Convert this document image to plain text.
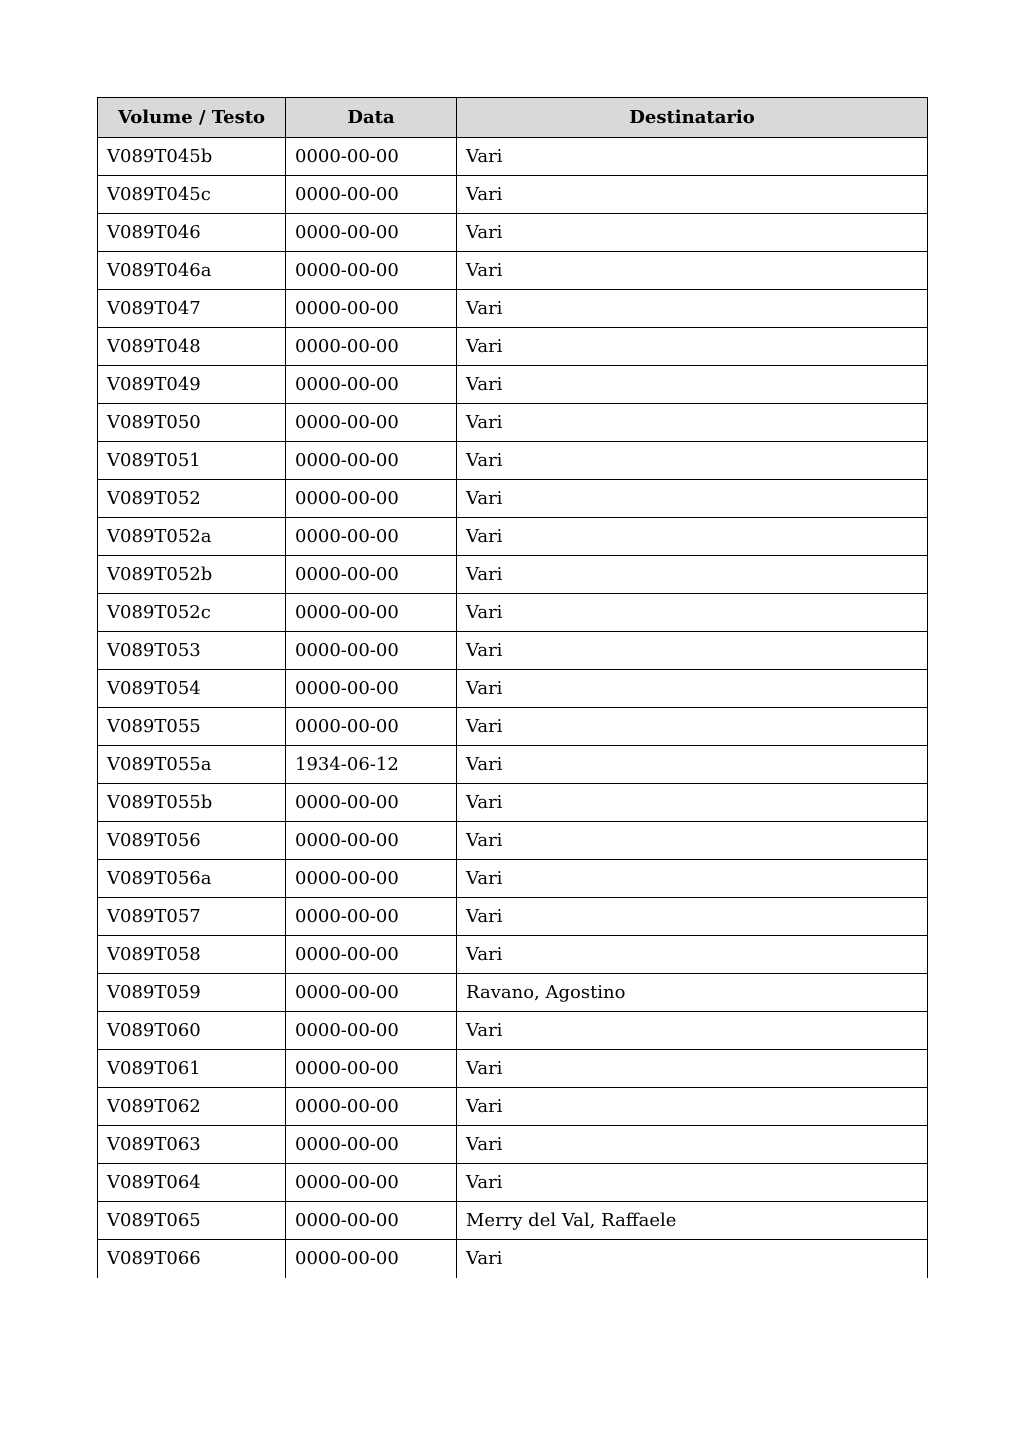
Volume / Testo	Data	Destinatario
V089T045b	0000-00-00	Vari
V089T045c	0000-00-00	Vari
V089T046	0000-00-00	Vari
V089T046a	0000-00-00	Vari
V089T047	0000-00-00	Vari
V089T048	0000-00-00	Vari
V089T049	0000-00-00	Vari
V089T050	0000-00-00	Vari
V089T051	0000-00-00	Vari
V089T052	0000-00-00	Vari
V089T052a	0000-00-00	Vari
V089T052b	0000-00-00	Vari
V089T052c	0000-00-00	Vari
V089T053	0000-00-00	Vari
V089T054	0000-00-00	Vari
V089T055	0000-00-00	Vari
V089T055a	1934-06-12	Vari
V089T055b	0000-00-00	Vari
V089T056	0000-00-00	Vari
V089T056a	0000-00-00	Vari
V089T057	0000-00-00	Vari
V089T058	0000-00-00	Vari
V089T059	0000-00-00	Ravano, Agostino
V089T060	0000-00-00	Vari
V089T061	0000-00-00	Vari
V089T062	0000-00-00	Vari
V089T063	0000-00-00	Vari
V089T064	0000-00-00	Vari
V089T065	0000-00-00	Merry del Val, Raffaele
V089T066	0000-00-00	Vari
